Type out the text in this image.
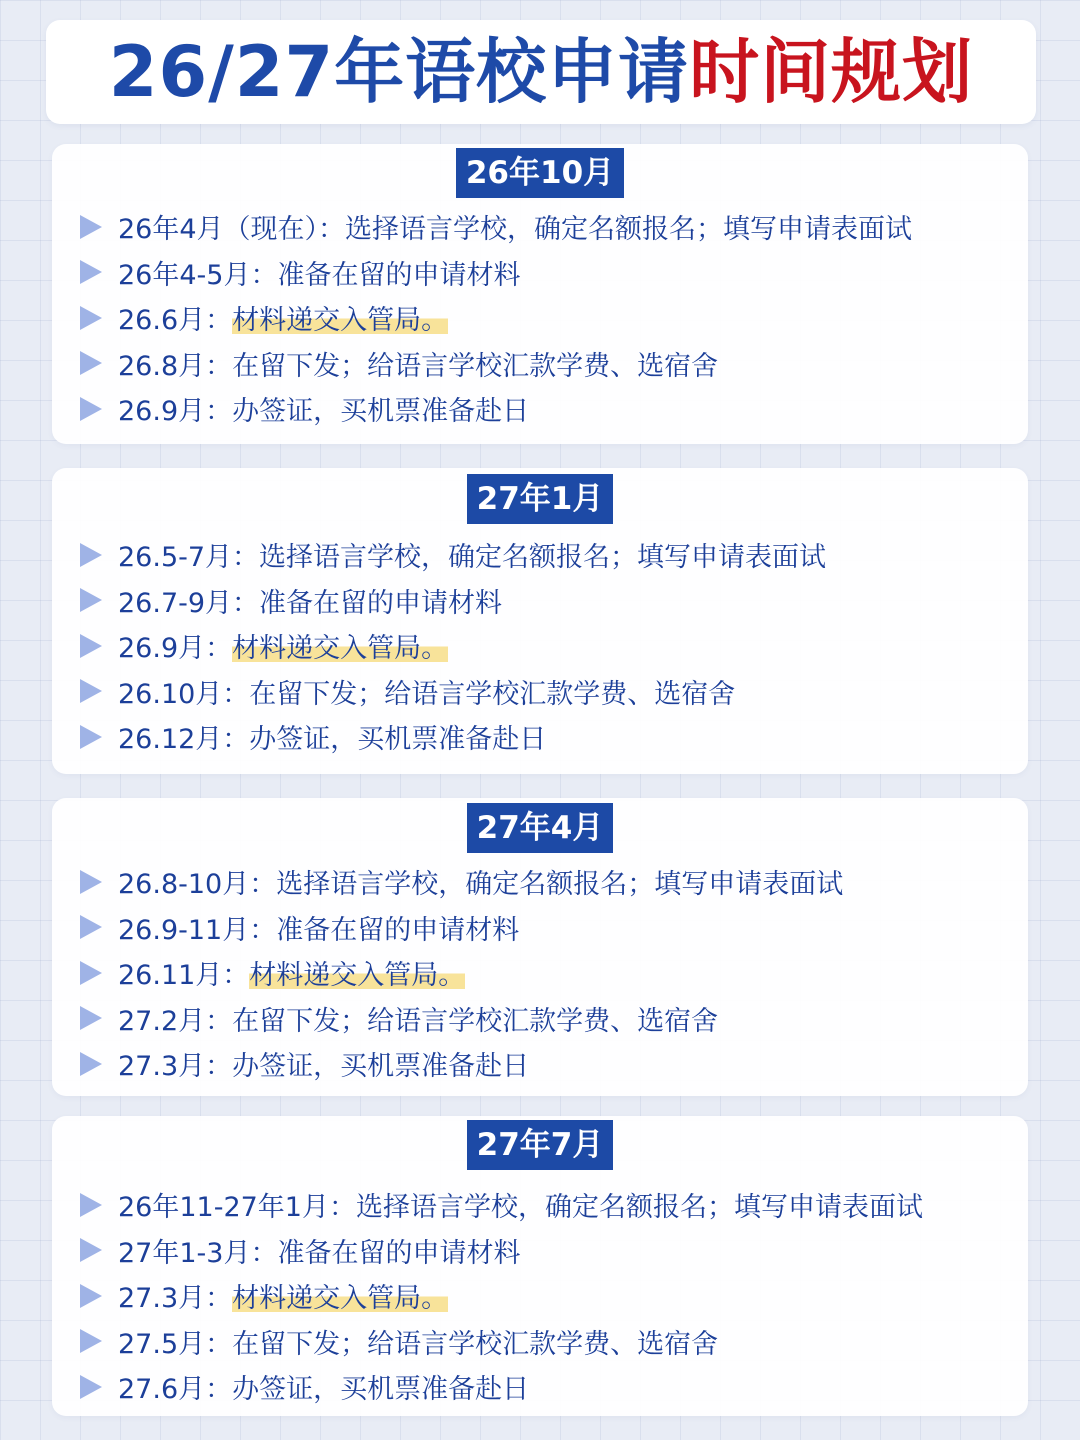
26/27年语校申请时间规划
26年10月
26年4月（现在）： 选择语言学校，确定名额报名；填写申请表面试
26年4-5月： 准备在留的申请材料
26.6月： 材料递交入管局。
26.8月： 在留下发；给语言学校汇款学费、选宿舍
26.9月： 办签证，买机票准备赴日
27年1月
26.5-7月： 选择语言学校，确定名额报名；填写申请表面试
26.7-9月： 准备在留的申请材料
26.9月： 材料递交入管局。
26.10月： 在留下发；给语言学校汇款学费、选宿舍
26.12月： 办签证，买机票准备赴日
27年4月
26.8-10月： 选择语言学校，确定名额报名；填写申请表面试
26.9-11月： 准备在留的申请材料
26.11月： 材料递交入管局。
27.2月： 在留下发；给语言学校汇款学费、选宿舍
27.3月： 办签证，买机票准备赴日
27年7月
26年11-27年1月： 选择语言学校，确定名额报名；填写申请表面试
27年1-3月： 准备在留的申请材料
27.3月： 材料递交入管局。
27.5月： 在留下发；给语言学校汇款学费、选宿舍
27.6月： 办签证，买机票准备赴日
